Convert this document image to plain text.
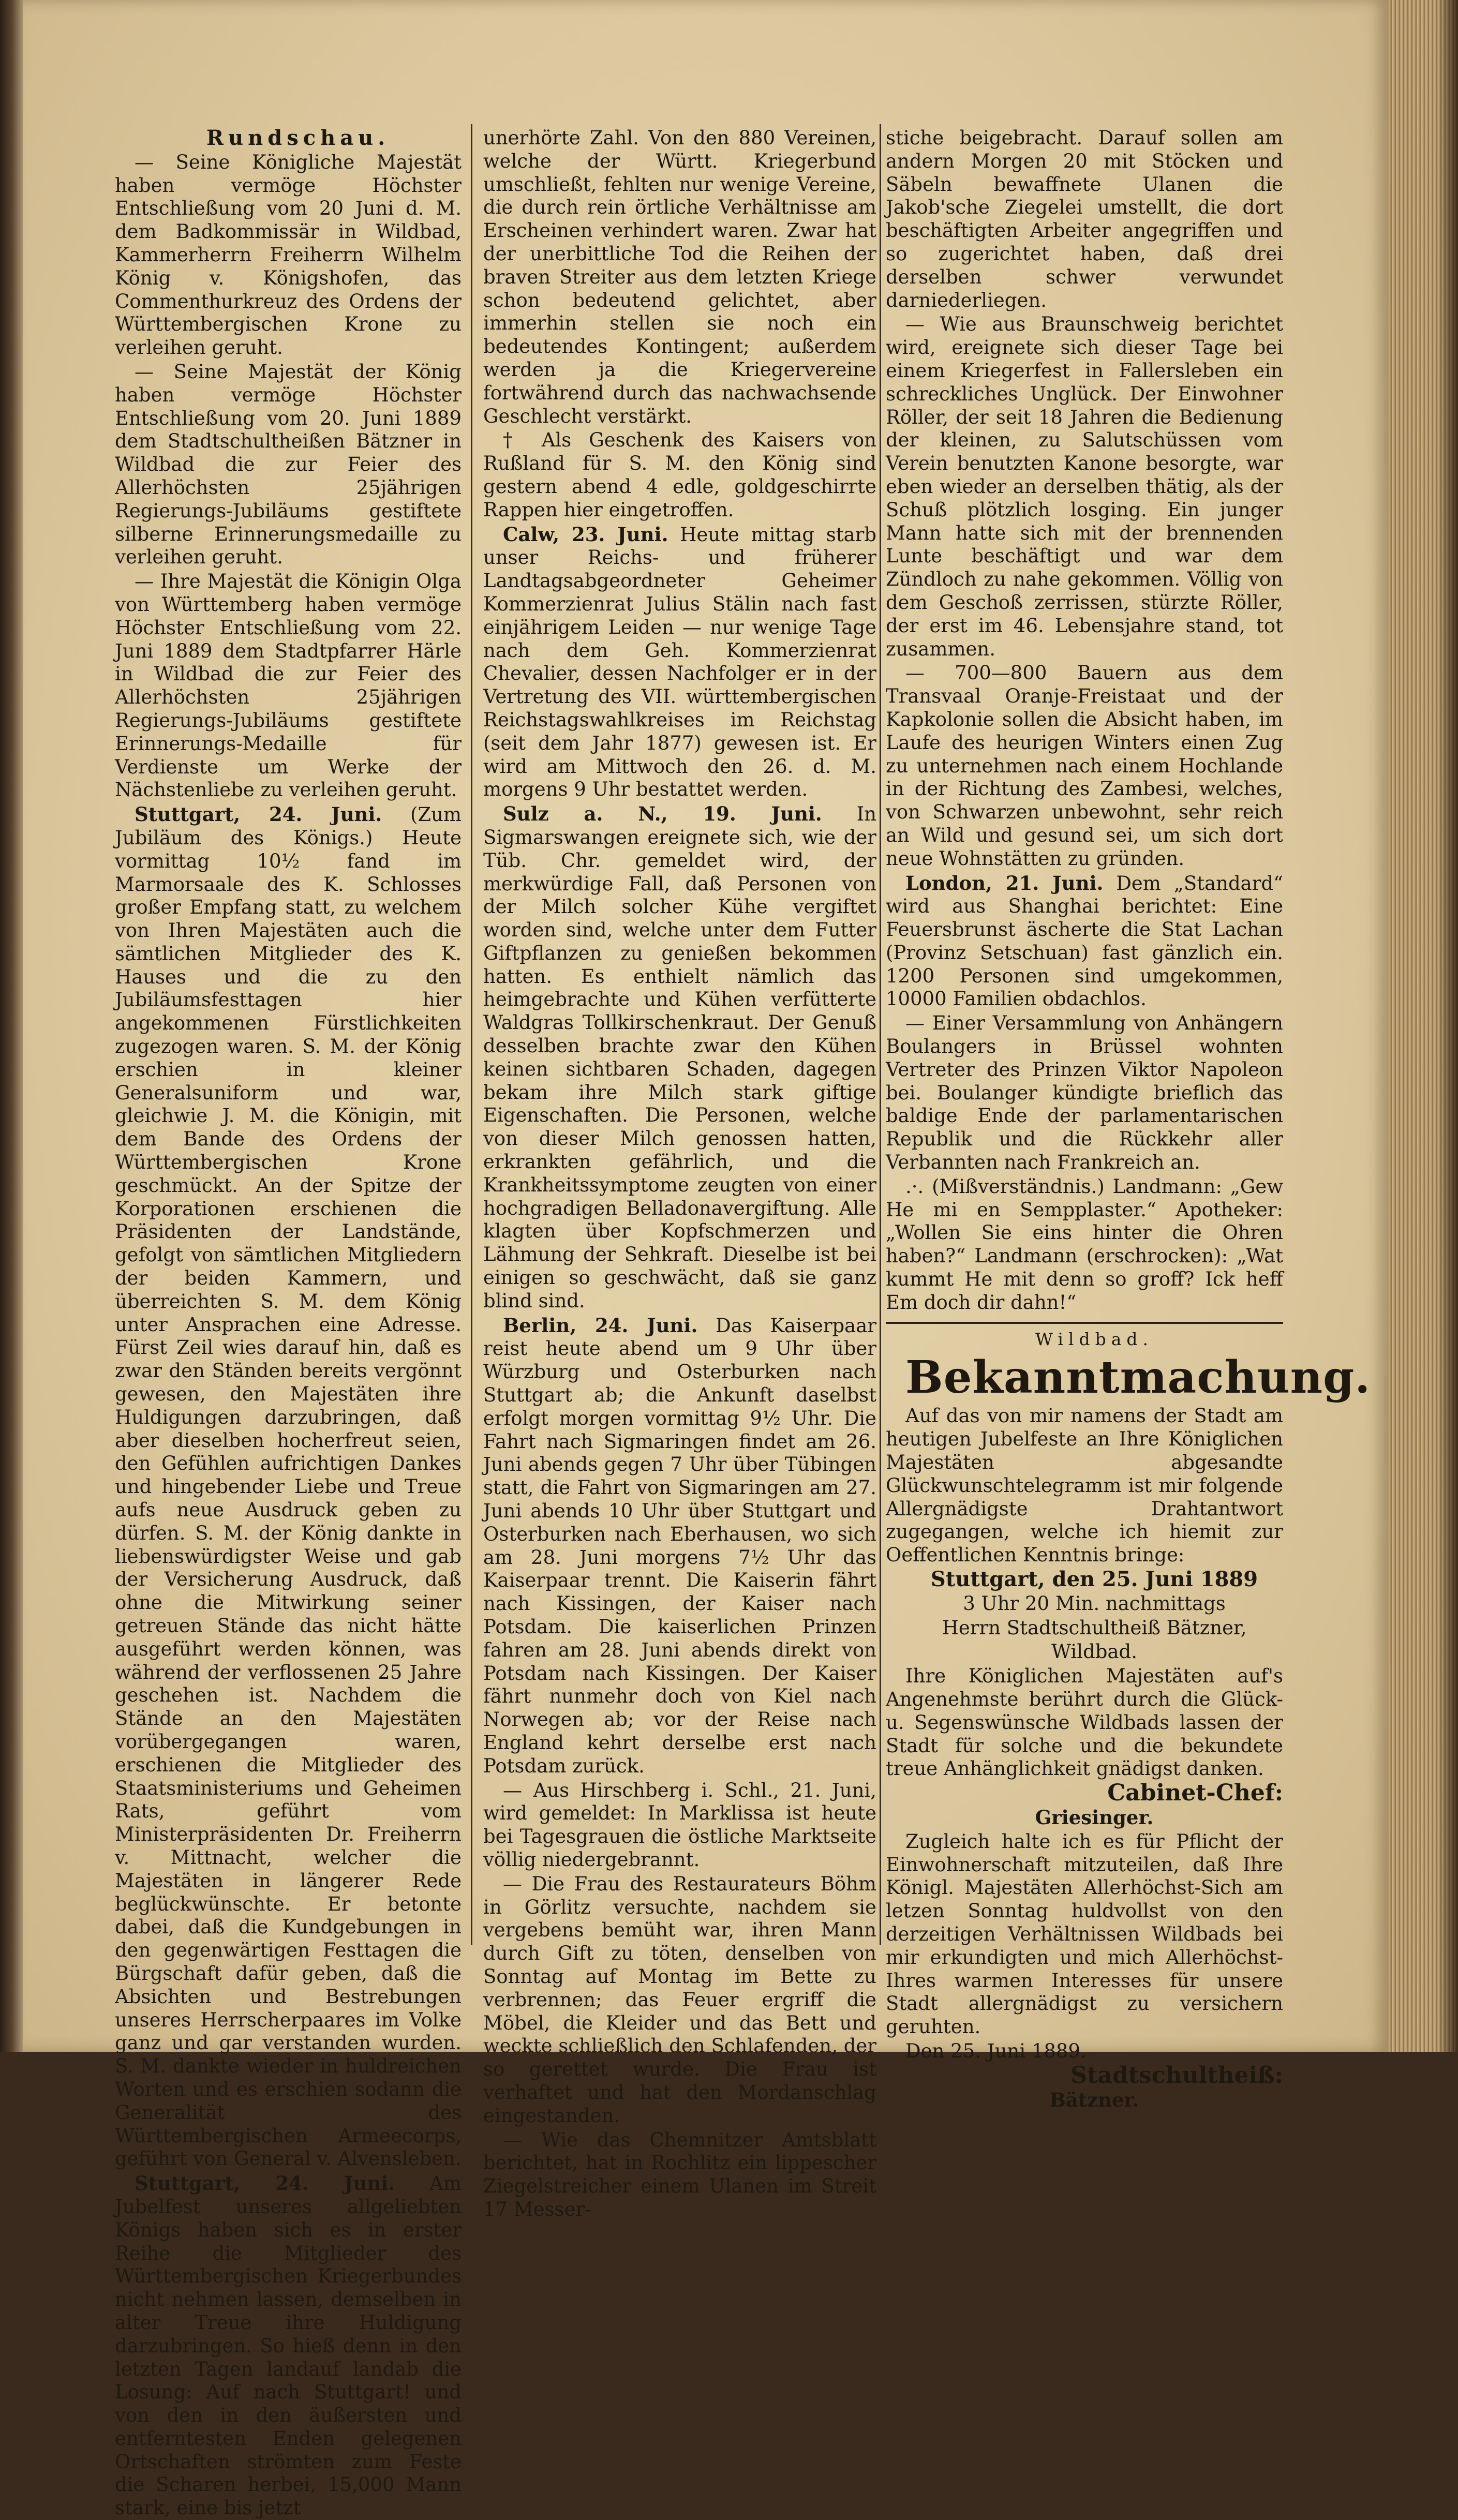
Rundschau.

— Seine Königliche Majestät haben vermöge Höchster Entschließung vom 20 Juni d. M. dem Badkommissär in Wildbad, Kammerherrn Freiherrn Wilhelm König v. Königshofen, das Commenthurkreuz des Ordens der Württembergischen Krone zu verleihen geruht.

— Seine Majestät der König haben vermöge Höchster Entschließung vom 20. Juni 1889 dem Stadtschultheißen Bätzner in Wildbad die zur Feier des Allerhöchsten 25jährigen Regierungs-Jubiläums gestiftete silberne Erinnerungsmedaille zu verleihen geruht.

— Ihre Majestät die Königin Olga von Württemberg haben vermöge Höchster Entschließung vom 22. Juni 1889 dem Stadtpfarrer Härle in Wildbad die zur Feier des Allerhöchsten 25jährigen Regierungs-Jubiläums gestiftete Erinnerungs-Medaille für Verdienste um Werke der Nächstenliebe zu verleihen geruht.

Stuttgart, 24. Juni. (Zum Jubiläum des Königs.) Heute vormittag 10½ fand im Marmorsaale des K. Schlosses großer Empfang statt, zu welchem von Ihren Majestäten auch die sämtlichen Mitglieder des K. Hauses und die zu den Jubiläumsfesttagen hier angekommenen Fürstlichkeiten zugezogen waren. S. M. der König erschien in kleiner Generalsuniform und war, gleichwie J. M. die Königin, mit dem Bande des Ordens der Württembergischen Krone geschmückt. An der Spitze der Korporationen erschienen die Präsidenten der Landstände, gefolgt von sämtlichen Mitgliedern der beiden Kammern, und überreichten S. M. dem König unter Ansprachen eine Adresse. Fürst Zeil wies darauf hin, daß es zwar den Ständen bereits vergönnt gewesen, den Majestäten ihre Huldigungen darzubringen, daß aber dieselben hocherfreut seien, den Gefühlen aufrichtigen Dankes und hingebender Liebe und Treue aufs neue Ausdruck geben zu dürfen. S. M. der König dankte in liebenswürdigster Weise und gab der Versicherung Ausdruck, daß ohne die Mitwirkung seiner getreuen Stände das nicht hätte ausgeführt werden können, was während der verflossenen 25 Jahre geschehen ist. Nachdem die Stände an den Majestäten vorübergegangen waren, erschienen die Mitglieder des Staatsministeriums und Geheimen Rats, geführt vom Ministerpräsidenten Dr. Freiherrn v. Mittnacht, welcher die Majestäten in längerer Rede beglückwünschte. Er betonte dabei, daß die Kundgebungen in den gegenwärtigen Festtagen die Bürgschaft dafür geben, daß die Absichten und Bestrebungen unseres Herrscherpaares im Volke ganz und gar verstanden wurden. S. M. dankte wieder in huldreichen Worten und es erschien sodann die Generalität des Württembergischen Armeecorps, geführt von General v. Alvensleben.

Stuttgart, 24. Juni. Am Jubelfest unseres allgeliebten Königs haben sich es in erster Reihe die Mitglieder des Württembergischen Kriegerbundes nicht nehmen lassen, demselben in alter Treue ihre Huldigung darzubringen. So hieß denn in den letzten Tagen landauf landab die Losung: Auf nach Stuttgart! und von den in den äußersten und entferntesten Enden gelegenen Ortschaften strömten zum Feste die Scharen herbei, 15,000 Mann stark, eine bis jetzt

unerhörte Zahl. Von den 880 Vereinen, welche der Württ. Kriegerbund umschließt, fehlten nur wenige Vereine, die durch rein örtliche Verhältnisse am Erscheinen verhindert waren. Zwar hat der unerbittliche Tod die Reihen der braven Streiter aus dem letzten Kriege schon bedeutend gelichtet, aber immerhin stellen sie noch ein bedeutendes Kontingent; außerdem werden ja die Kriegervereine fortwährend durch das nachwachsende Geschlecht verstärkt.

† Als Geschenk des Kaisers von Rußland für S. M. den König sind gestern abend 4 edle, goldgeschirrte Rappen hier eingetroffen.

Calw, 23. Juni. Heute mittag starb unser Reichs- und früherer Landtagsabgeordneter Geheimer Kommerzienrat Julius Stälin nach fast einjährigem Leiden — nur wenige Tage nach dem Geh. Kommerzienrat Chevalier, dessen Nachfolger er in der Vertretung des VII. württembergischen Reichstagswahlkreises im Reichstag (seit dem Jahr 1877) gewesen ist. Er wird am Mittwoch den 26. d. M. morgens 9 Uhr bestattet werden.

Sulz a. N., 19. Juni. In Sigmarswangen ereignete sich, wie der Tüb. Chr. gemeldet wird, der merkwürdige Fall, daß Personen von der Milch solcher Kühe vergiftet worden sind, welche unter dem Futter Giftpflanzen zu genießen bekommen hatten. Es enthielt nämlich das heimgebrachte und Kühen verfütterte Waldgras Tollkirschenkraut. Der Genuß desselben brachte zwar den Kühen keinen sichtbaren Schaden, dagegen bekam ihre Milch stark giftige Eigenschaften. Die Personen, welche von dieser Milch genossen hatten, erkrankten gefährlich, und die Krankheitssymptome zeugten von einer hochgradigen Belladonavergiftung. Alle klagten über Kopfschmerzen und Lähmung der Sehkraft. Dieselbe ist bei einigen so geschwächt, daß sie ganz blind sind.

Berlin, 24. Juni. Das Kaiserpaar reist heute abend um 9 Uhr über Würzburg und Osterburken nach Stuttgart ab; die Ankunft daselbst erfolgt morgen vormittag 9½ Uhr. Die Fahrt nach Sigmaringen findet am 26. Juni abends gegen 7 Uhr über Tübingen statt, die Fahrt von Sigmaringen am 27. Juni abends 10 Uhr über Stuttgart und Osterburken nach Eberhausen, wo sich am 28. Juni morgens 7½ Uhr das Kaiserpaar trennt. Die Kaiserin fährt nach Kissingen, der Kaiser nach Potsdam. Die kaiserlichen Prinzen fahren am 28. Juni abends direkt von Potsdam nach Kissingen. Der Kaiser fährt nunmehr doch von Kiel nach Norwegen ab; vor der Reise nach England kehrt derselbe erst nach Potsdam zurück.

— Aus Hirschberg i. Schl., 21. Juni, wird gemeldet: In Marklissa ist heute bei Tagesgrauen die östliche Marktseite völlig niedergebrannt.

— Die Frau des Restaurateurs Böhm in Görlitz versuchte, nachdem sie vergebens bemüht war, ihren Mann durch Gift zu töten, denselben von Sonntag auf Montag im Bette zu verbrennen; das Feuer ergriff die Möbel, die Kleider und das Bett und weckte schließlich den Schlafenden, der so gerettet wurde. Die Frau ist verhaftet und hat den Mordanschlag eingestanden.

— Wie das Chemnitzer Amtsblatt berichtet, hat in Rochlitz ein lippescher Ziegelstreicher einem Ulanen im Streit 17 Messer-

stiche beigebracht. Darauf sollen am andern Morgen 20 mit Stöcken und Säbeln bewaffnete Ulanen die Jakob'sche Ziegelei umstellt, die dort beschäftigten Arbeiter angegriffen und so zugerichtet haben, daß drei derselben schwer verwundet darniederliegen.

— Wie aus Braunschweig berichtet wird, ereignete sich dieser Tage bei einem Kriegerfest in Fallersleben ein schreckliches Unglück. Der Einwohner Röller, der seit 18 Jahren die Bedienung der kleinen, zu Salutschüssen vom Verein benutzten Kanone besorgte, war eben wieder an derselben thätig, als der Schuß plötzlich losging. Ein junger Mann hatte sich mit der brennenden Lunte beschäftigt und war dem Zündloch zu nahe gekommen. Völlig von dem Geschoß zerrissen, stürzte Röller, der erst im 46. Lebensjahre stand, tot zusammen.

— 700—800 Bauern aus dem Transvaal Oranje-Freistaat und der Kapkolonie sollen die Absicht haben, im Laufe des heurigen Winters einen Zug zu unternehmen nach einem Hochlande in der Richtung des Zambesi, welches, von Schwarzen unbewohnt, sehr reich an Wild und gesund sei, um sich dort neue Wohnstätten zu gründen.

London, 21. Juni. Dem „Standard“ wird aus Shanghai berichtet: Eine Feuersbrunst äscherte die Stat Lachan (Provinz Setschuan) fast gänzlich ein. 1200 Personen sind umgekommen, 10000 Familien obdachlos.

— Einer Versammlung von Anhängern Boulangers in Brüssel wohnten Vertreter des Prinzen Viktor Napoleon bei. Boulanger kündigte brieflich das baldige Ende der parlamentarischen Republik und die Rückkehr aller Verbannten nach Frankreich an.

.·. (Mißverständnis.) Landmann: „Gew He mi en Sempplaster.“ Apotheker: „Wollen Sie eins hinter die Ohren haben?“ Landmann (erschrocken): „Wat kummt He mit denn so groff? Ick heff Em doch dir dahn!“

Wildbad.

Bekanntmachung.

Auf das von mir namens der Stadt am heutigen Jubelfeste an Ihre Königlichen Majestäten abgesandte Glückwunschtelegramm ist mir folgende Allergnädigste Drahtantwort zugegangen, welche ich hiemit zur Oeffentlichen Kenntnis bringe:

Stuttgart, den 25. Juni 1889

3 Uhr 20 Min. nachmittags

Herrn Stadtschultheiß Bätzner,

Wildbad.

Ihre Königlichen Majestäten auf's Angenehmste berührt durch die Glück- u. Segenswünsche Wildbads lassen der Stadt für solche und die bekundete treue Anhänglichkeit gnädigst danken.

Cabinet-Chef:

Griesinger.

Zugleich halte ich es für Pflicht der Einwohnerschaft mitzuteilen, daß Ihre Königl. Majestäten Allerhöchst-Sich am letzen Sonntag huldvollst von den derzeitigen Verhältnissen Wildbads bei mir erkundigten und mich Allerhöchst-Ihres warmen Interesses für unsere Stadt allergnädigst zu versichern geruhten.

Den 25. Juni 1889.

Stadtschultheiß:

Bätzner.
